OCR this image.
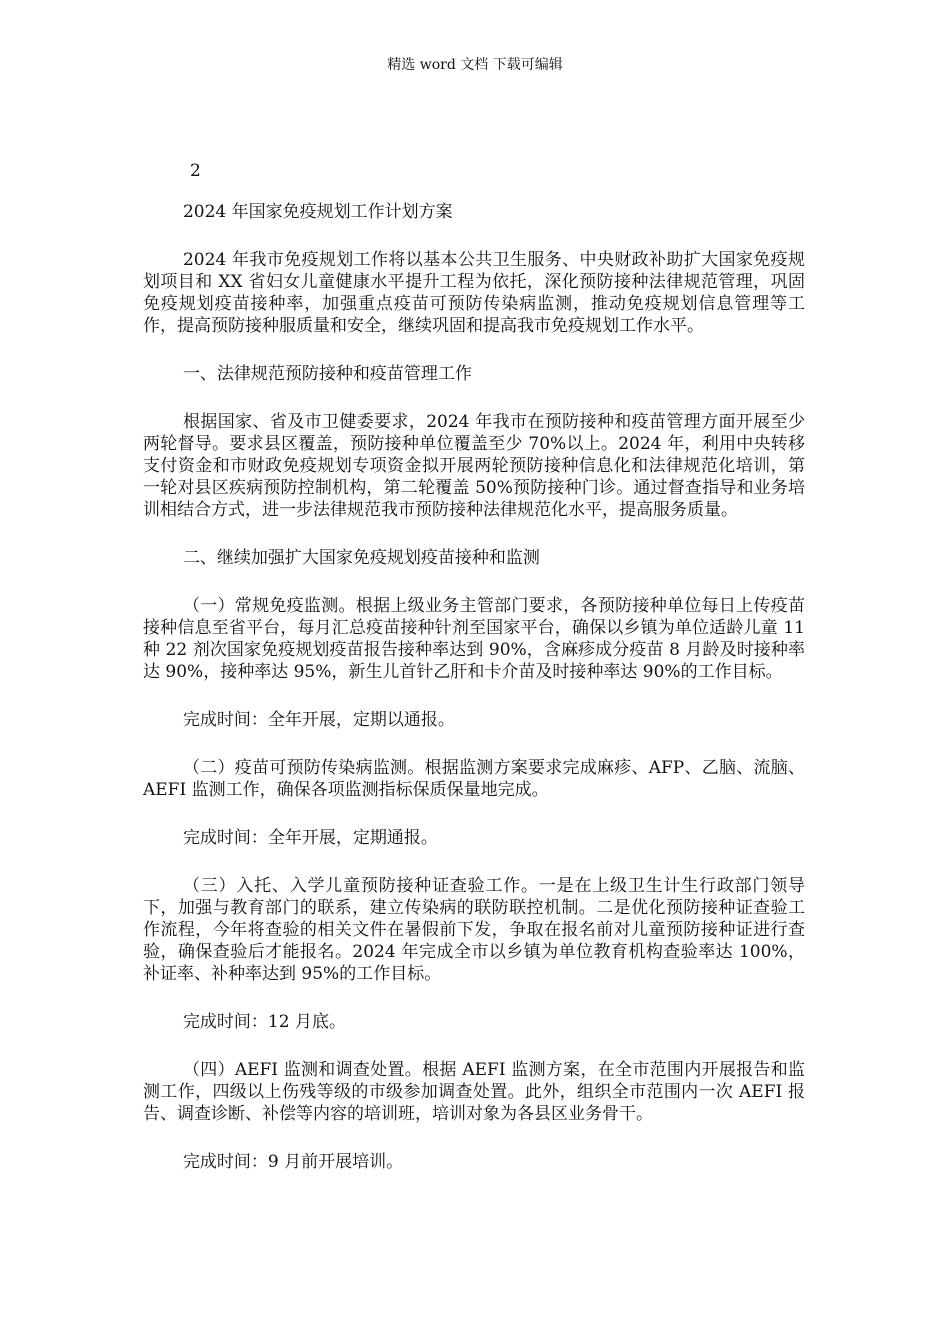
精选 word 文档 下载可编辑
2

2024 年国家免疫规划工作计划方案

2024 年我市免疫规划工作将以基本公共卫生服务、中央财政补助扩大国家免疫规划项目和 XX 省妇女儿童健康水平提升工程为依托，深化预防接种法律规范管理，巩固免疫规划疫苗接种率，加强重点疫苗可预防传染病监测，推动免疫规划信息管理等工作，提高预防接种服质量和安全，继续巩固和提高我市免疫规划工作水平。

一、法律规范预防接种和疫苗管理工作

根据国家、省及市卫健委要求，2024 年我市在预防接种和疫苗管理方面开展至少两轮督导。要求县区覆盖，预防接种单位覆盖至少 70%以上。2024 年，利用中央转移支付资金和市财政免疫规划专项资金拟开展两轮预防接种信息化和法律规范化培训，第一轮对县区疾病预防控制机构，第二轮覆盖 50%预防接种门诊。通过督查指导和业务培训相结合方式，进一步法律规范我市预防接种法律规范化水平，提高服务质量。

二、继续加强扩大国家免疫规划疫苗接种和监测

（一）常规免疫监测。根据上级业务主管部门要求，各预防接种单位每日上传疫苗接种信息至省平台，每月汇总疫苗接种针剂至国家平台，确保以乡镇为单位适龄儿童 11 种 22 剂次国家免疫规划疫苗报告接种率达到 90%，含麻疹成分疫苗 8 月龄及时接种率达 90%，接种率达 95%，新生儿首针乙肝和卡介苗及时接种率达 90%的工作目标。

完成时间：全年开展，定期以通报。

（二）疫苗可预防传染病监测。根据监测方案要求完成麻疹、AFP、乙脑、流脑、AEFI 监测工作，确保各项监测指标保质保量地完成。

完成时间：全年开展，定期通报。

（三）入托、入学儿童预防接种证查验工作。一是在上级卫生计生行政部门领导下，加强与教育部门的联系，建立传染病的联防联控机制。二是优化预防接种证查验工作流程，今年将查验的相关文件在暑假前下发，争取在报名前对儿童预防接种证进行查验，确保查验后才能报名。2024 年完成全市以乡镇为单位教育机构查验率达 100%，补证率、补种率达到 95%的工作目标。

完成时间：12 月底。

（四）AEFI 监测和调查处置。根据 AEFI 监测方案，在全市范围内开展报告和监测工作，四级以上伤残等级的市级参加调查处置。此外，组织全市范围内一次 AEFI 报告、调查诊断、补偿等内容的培训班，培训对象为各县区业务骨干。

完成时间：9 月前开展培训。
